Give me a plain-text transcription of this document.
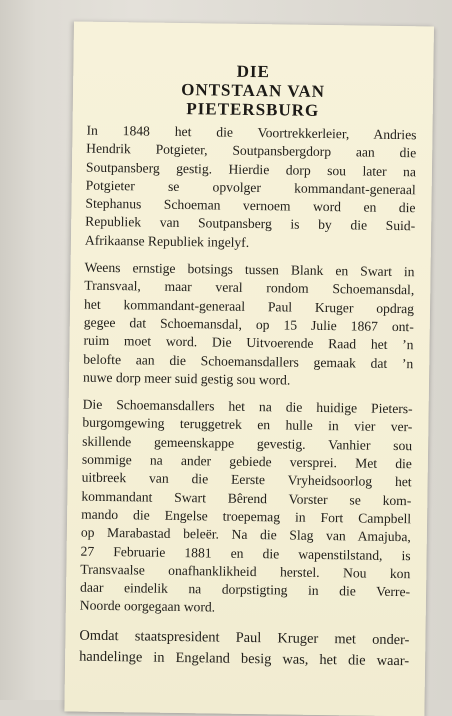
DIE
ONTSTAAN VAN
PIETERSBURG

In 1848 het die Voortrekkerleier, Andries
Hendrik Potgieter, Soutpansbergdorp aan die
Soutpansberg gestig. Hierdie dorp sou later na
Potgieter se opvolger kommandant-generaal
Stephanus Schoeman vernoem word en die
Republiek van Soutpansberg is by die Suid-
Afrikaanse Republiek ingelyf.

Weens ernstige botsings tussen Blank en Swart in
Transvaal, maar veral rondom Schoemansdal,
het kommandant-generaal Paul Kruger opdrag
gegee dat Schoemansdal, op 15 Julie 1867 ont-
ruim moet word. Die Uitvoerende Raad het ’n
belofte aan die Schoemansdallers gemaak dat ’n
nuwe dorp meer suid gestig sou word.

Die Schoemansdallers het na die huidige Pieters-
burgomgewing teruggetrek en hulle in vier ver-
skillende gemeenskappe gevestig. Vanhier sou
sommige na ander gebiede versprei. Met die
uitbreek van die Eerste Vryheidsoorlog het
kommandant Swart Bêrend Vorster se kom-
mando die Engelse troepemag in Fort Campbell
op Marabastad beleër. Na die Slag van Amajuba,
27 Februarie 1881 en die wapenstilstand, is
Transvaalse onafhanklikheid herstel. Nou kon
daar eindelik na dorpstigting in die Verre-
Noorde oorgegaan word.

Omdat staatspresident Paul Kruger met onder-
handelinge in Engeland besig was, het die waar-
